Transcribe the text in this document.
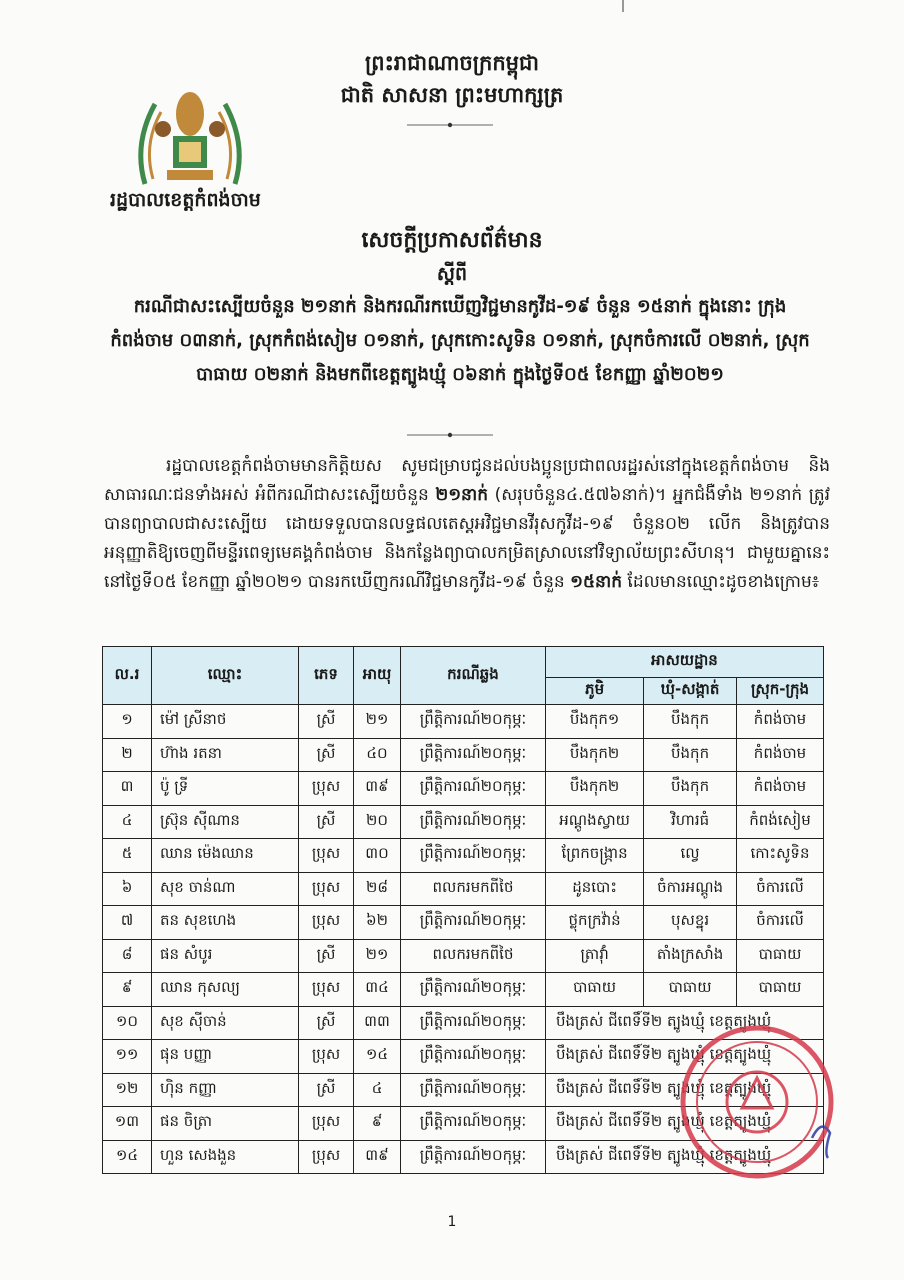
ព្រះរាជាណាចក្រកម្ពុជា
ជាតិ សាសនា ព្រះមហាក្សត្រ
រដ្ឋបាលខេត្តកំពង់ចាម
សេចក្តីប្រកាសព័ត៌មាន
ស្តីពី
ករណីជាសះស្បើយចំនួន ២១នាក់ និងករណីរកឃើញវិជ្ជមានកូវីដ-១៩ ចំនួន ១៥នាក់ ក្នុងនោះ ក្រុងកំពង់ចាម ០៣នាក់, ស្រុកកំពង់សៀម ០១នាក់, ស្រុកកោះសូទិន ០១នាក់, ស្រុកចំការលើ ០២នាក់, ស្រុកបាធាយ ០២នាក់ និងមកពីខេត្តត្បូងឃ្មុំ ០៦នាក់ ក្នុងថ្ងៃទី០៥ ខែកញ្ញា ឆ្នាំ២០២១
រដ្ឋបាលខេត្តកំពង់ចាមមានកិត្តិយស សូមជម្រាបជូនដល់បងប្អូនប្រជាពលរដ្ឋរស់នៅក្នុងខេត្តកំពង់ចាម និងសាធារណៈជនទាំងអស់ អំពីករណីជាសះស្បើយចំនួន ២១នាក់ (សរុបចំនួន៤.៥៧៦នាក់)។ អ្នកជំងឺទាំង ២១នាក់ ត្រូវបានព្យាបាលជាសះស្បើយ ដោយទទួលបានលទ្ធផលតេស្តអវិជ្ជមានវីរុសកូវីដ-១៩ ចំនួន០២ លើក និងត្រូវបានអនុញ្ញាតិឱ្យចេញពីមន្ទីរពេទ្យមេគង្គកំពង់ចាម និងកន្លែងព្យាបាលកម្រិតស្រាលនៅវិទ្យាល័យព្រះសីហនុ។ ជាមួយគ្នានេះ នៅថ្ងៃទី០៥ ខែកញ្ញា ឆ្នាំ២០២១ បានរកឃើញករណីវិជ្ជមានកូវីដ-១៩ ចំនួន ១៥នាក់ ដែលមានឈ្មោះដូចខាងក្រោម៖
ល.រ	ឈ្មោះ	ភេទ	អាយុ	ករណីឆ្លង	អាសយដ្ឋាន		
					ភូមិ	ឃុំ-សង្កាត់	ស្រុក-ក្រុង
១	ម៉ៅ ស្រីនាថ	ស្រី	២១	ព្រឹត្តិការណ៍២០កុម្ភៈ	បឹងកុក១	បឹងកុក	កំពង់ចាម
២	ហ៊ាង រតនា	ស្រី	៤០	ព្រឹត្តិការណ៍២០កុម្ភៈ	បឹងកុក២	បឹងកុក	កំពង់ចាម
៣	ប៉ូ ទ្រី	ប្រុស	៣៩	ព្រឹត្តិការណ៍២០កុម្ភៈ	បឹងកុក២	បឹងកុក	កំពង់ចាម
៤	ស្រ៊ុន ស៊ីណាន	ស្រី	២០	ព្រឹត្តិការណ៍២០កុម្ភៈ	អណ្តូងស្វាយ	វិហារធំ	កំពង់សៀម
៥	ឈាន ម៉េងឈាន	ប្រុស	៣០	ព្រឹត្តិការណ៍២០កុម្ភៈ	ព្រែកចង្ក្រាន	ល្វេ	កោះសូទិន
៦	សុខ ចាន់ណា	ប្រុស	២៨	ពលករមកពីថៃ	ដូនបោះ	ចំការអណ្តូង	ចំការលើ
៧	តន សុខហេង	ប្រុស	៦២	ព្រឹត្តិការណ៍២០កុម្ភៈ	ថ្លុកក្រវ៉ាន់	បុសខ្នុរ	ចំការលើ
៨	ផន សំបូរ	ស្រី	២១	ពលករមកពីថៃ	ត្រាវ៉ាំ	តាំងក្រសាំង	បាធាយ
៩	ឈាន កុសល្យ	ប្រុស	៣៤	ព្រឹត្តិការណ៍២០កុម្ភៈ	បាធាយ	បាធាយ	បាធាយ
១០	សុខ ស៊ីចាន់	ស្រី	៣៣	ព្រឹត្តិការណ៍២០កុម្ភៈ	បឹងត្រស់ ជីពេទិ៍ទី២ ត្បូងឃ្មុំ ខេត្តត្បូងឃ្មុំ		
១១	ផុន បញ្ញា	ប្រុស	១៤	ព្រឹត្តិការណ៍២០កុម្ភៈ	បឹងត្រស់ ជីពេទិ៍ទី២ ត្បូងឃ្មុំ ខេត្តត្បូងឃ្មុំ		
១២	ហ៊ិន កញ្ញា	ស្រី	៤	ព្រឹត្តិការណ៍២០កុម្ភៈ	បឹងត្រស់ ជីពេទិ៍ទី២ ត្បូងឃ្មុំ ខេត្តត្បូងឃ្មុំ		
១៣	ផន ចិត្រា	ប្រុស	៩	ព្រឹត្តិការណ៍២០កុម្ភៈ	បឹងត្រស់ ជីពេទិ៍ទី២ ត្បូងឃ្មុំ ខេត្តត្បូងឃ្មុំ		
១៤	ហួន សេងងួន	ប្រុស	៣៩	ព្រឹត្តិការណ៍២០កុម្ភៈ	បឹងត្រស់ ជីពេទិ៍ទី២ ត្បូងឃ្មុំ ខេត្តត្បូងឃ្មុំ		
1
